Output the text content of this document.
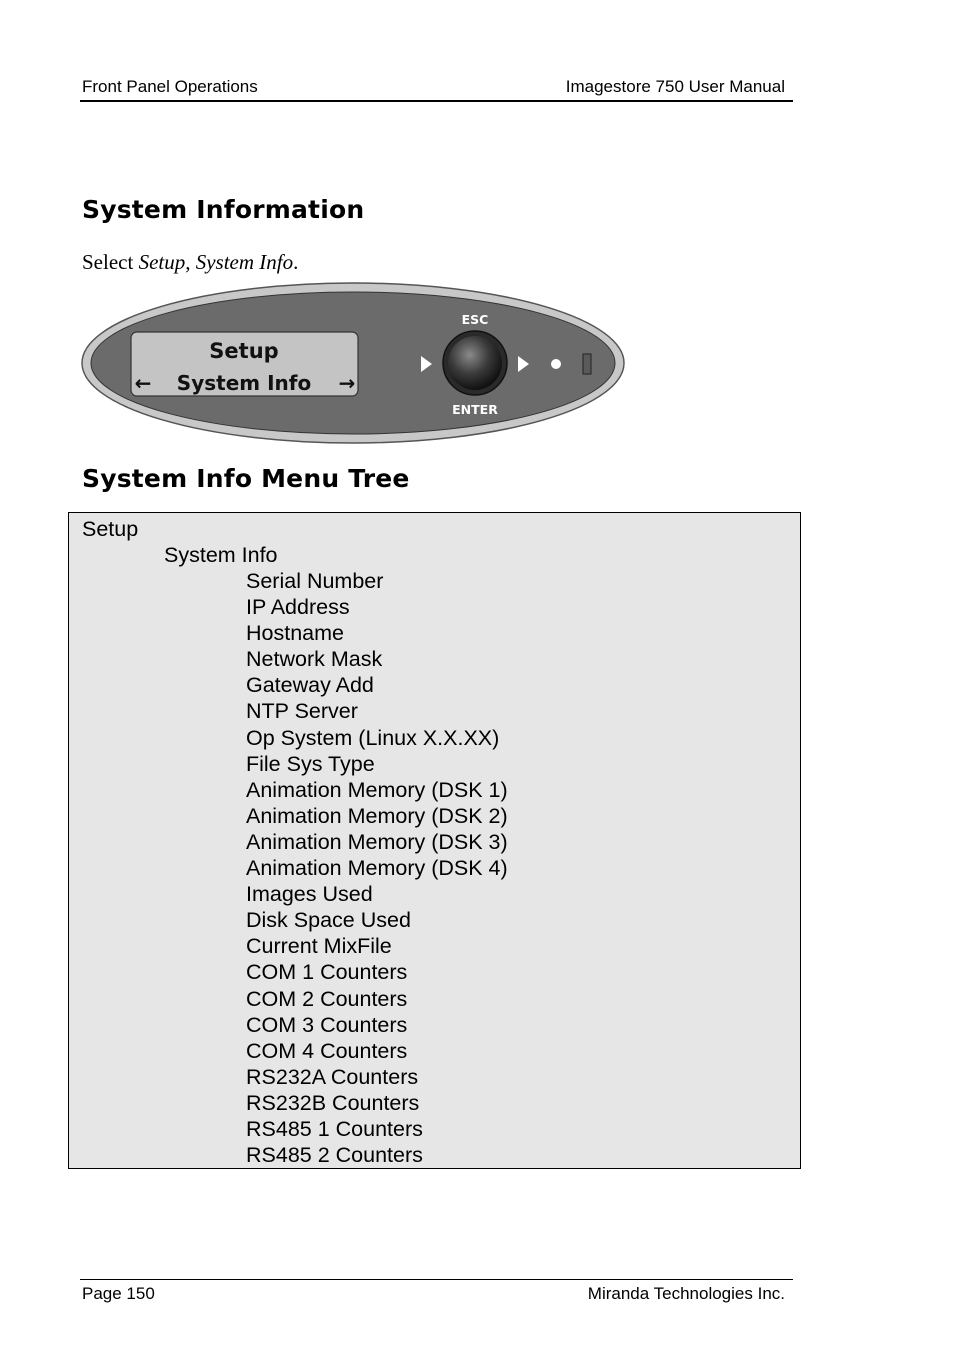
Front Panel Operations	Imagestore 750 User Manual
System Information
Select Setup, System Info.
Setup
System Info
←	→
ESC
ENTER
System Info Menu Tree
Setup
System Info
Serial Number
IP Address
Hostname
Network Mask
Gateway Add
NTP Server
Op System (Linux X.X.XX)
File Sys Type
Animation Memory (DSK 1)
Animation Memory (DSK 2)
Animation Memory (DSK 3)
Animation Memory (DSK 4)
Images Used
Disk Space Used
Current MixFile
COM 1 Counters
COM 2 Counters
COM 3 Counters
COM 4 Counters
RS232A Counters
RS232B Counters
RS485 1 Counters
RS485 2 Counters
Page 150	Miranda Technologies Inc.
